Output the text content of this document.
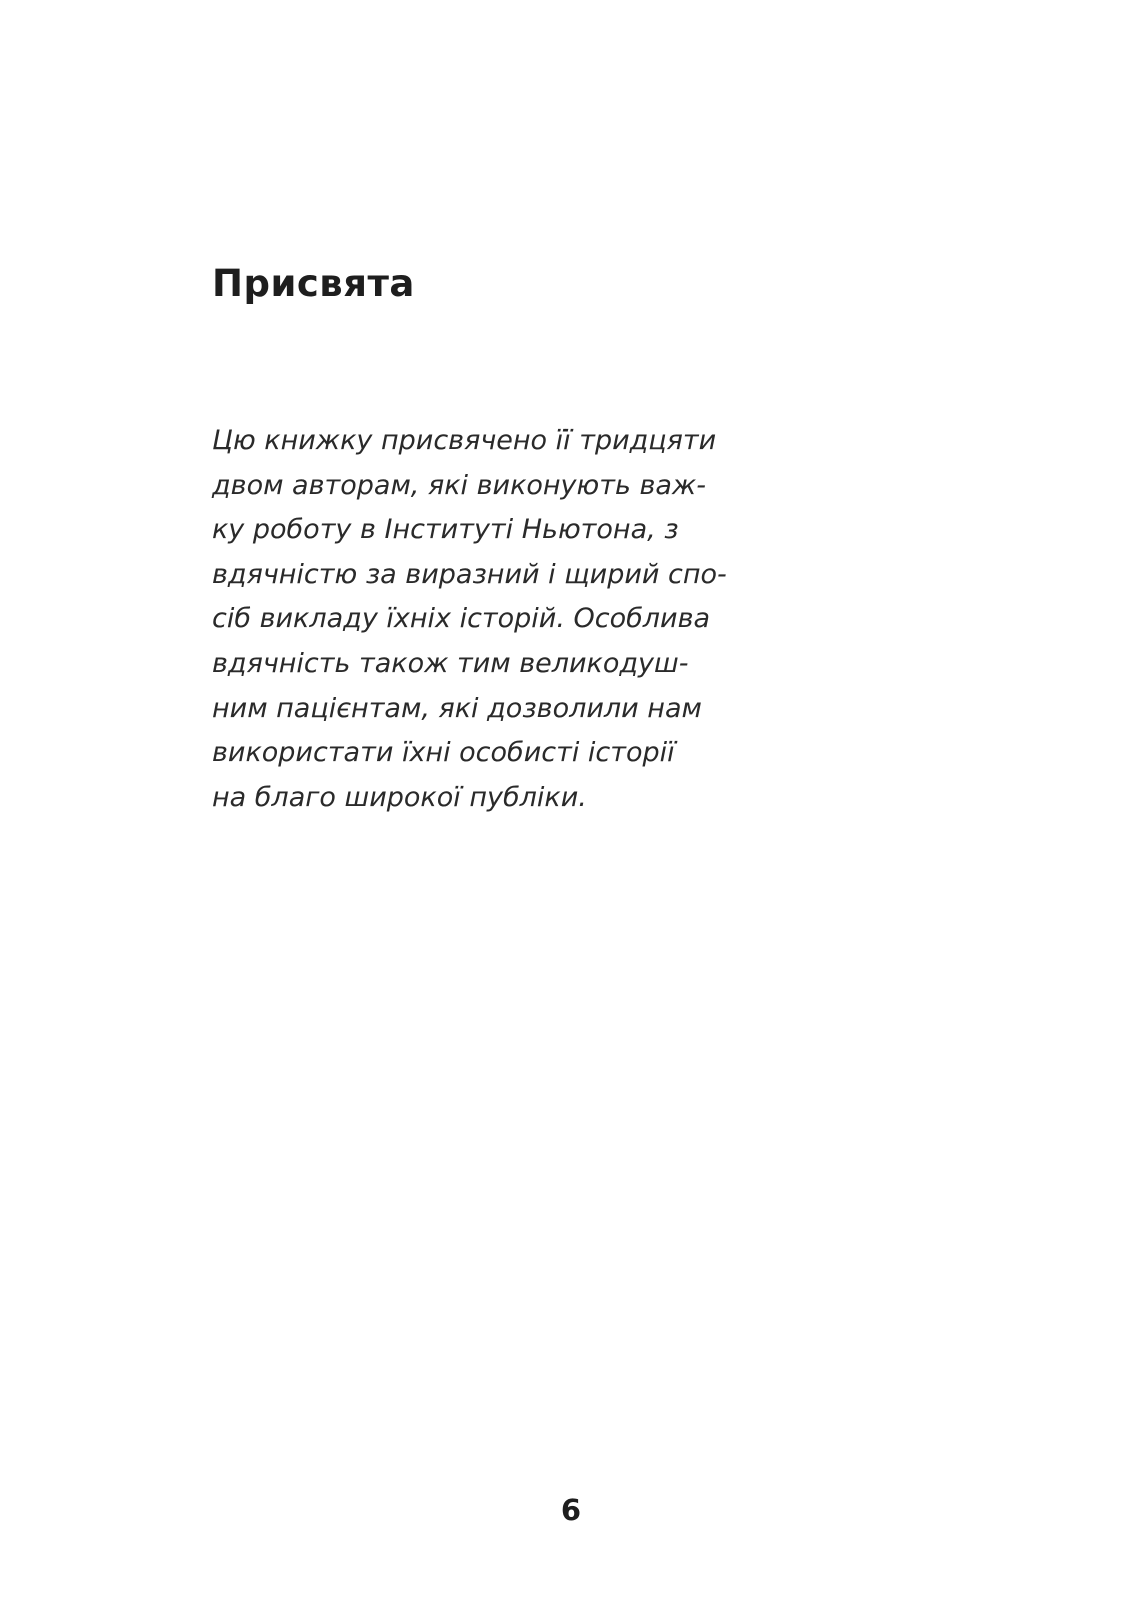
Присвята

Цю книжку присвячено її тридцяти
двом авторам, які виконують важ-
ку роботу в Інституті Ньютона, з
вдячністю за виразний і щирий спо-
сіб викладу їхніх історій. Особлива
вдячність також тим великодуш-
ним пацієнтам, які дозволили нам
використати їхні особисті історії
на благо широкої публіки.

6
